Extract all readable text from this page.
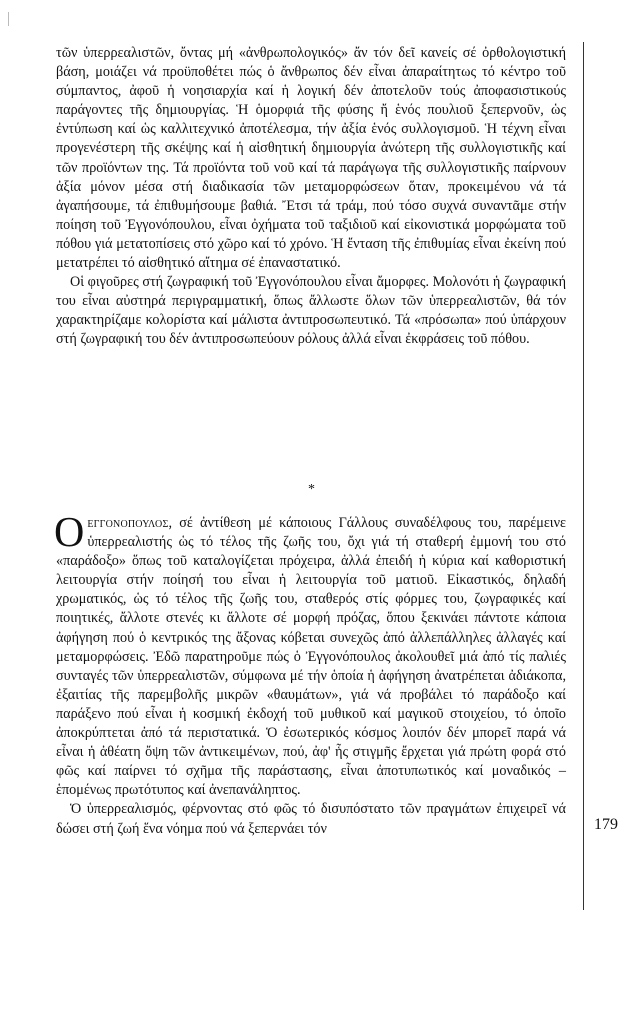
τῶν ὑπερρεαλιστῶν, ὄντας μή «ἀνθρωπολογικός» ἄν τόν δεῖ κανείς σέ ὀρθολογιστική βάση, μοιάζει νά προϋποθέτει πώς ὁ ἄνθρωπος δέν εἶναι ἀπαραίτητως τό κέντρο τοῦ σύμπαντος, ἀφοῦ ἡ νοησιαρχία καί ἡ λογική δέν ἀποτελοῦν τούς ἀποφασιστικούς παράγοντες τῆς δημιουργίας. Ἡ ὁμορφιά τῆς φύσης ἤ ἑνός πουλιοῦ ξεπερνοῦν, ὡς ἐντύπωση καί ὡς καλλιτεχνικό ἀποτέλεσμα, τήν ἀξία ἑνός συλλογισμοῦ. Ἡ τέχνη εἶναι προγενέστερη τῆς σκέψης καί ἡ αἰσθητική δημιουργία ἀνώτερη τῆς συλλογιστικῆς καί τῶν προϊόντων της. Τά προϊόντα τοῦ νοῦ καί τά παράγωγα τῆς συλλογιστικῆς παίρνουν ἀξία μόνον μέσα στή διαδικασία τῶν μεταμορφώσεων ὅταν, προκειμένου νά τά ἀγαπήσουμε, τά ἐπιθυμήσουμε βαθιά. Ἔτσι τά τράμ, πού τόσο συχνά συναντᾶμε στήν ποίηση τοῦ Ἐγγονόπουλου, εἶναι ὀχήματα τοῦ ταξιδιοῦ καί εἰκονιστικά μορφώματα τοῦ πόθου γιά μετατοπίσεις στό χῶρο καί τό χρόνο. Ἡ ἔνταση τῆς ἐπιθυμίας εἶναι ἐκείνη πού μετατρέπει τό αἰσθητικό αἴτημα σέ ἐπαναστατικό.

Οἱ φιγοῦρες στή ζωγραφική τοῦ Ἐγγονόπουλου εἶναι ἄμορφες. Μολονότι ἡ ζωγραφική του εἶναι αὐστηρά περιγραμματική, ὅπως ἄλλωστε ὅλων τῶν ὑπερρεαλιστῶν, θά τόν χαρακτηρίζαμε κολορίστα καί μάλιστα ἀντιπροσωπευτικό. Τά «πρόσωπα» πού ὑπάρχουν στή ζωγραφική του δέν ἀντιπροσωπεύουν ρόλους ἀλλά εἶναι ἐκφράσεις τοῦ πόθου.

*

Οεγγονοπουλος, σέ ἀντίθεση μέ κάποιους Γάλλους συναδέλφους του, παρέμεινε ὑπερρεαλιστής ὡς τό τέλος τῆς ζωῆς του, ὄχι γιά τή σταθερή ἐμμονή του στό «παράδοξο» ὅπως τοῦ καταλογίζεται πρόχειρα, ἀλλά ἐπειδή ἡ κύρια καί καθοριστική λειτουργία στήν ποίησή του εἶναι ἡ λειτουργία τοῦ ματιοῦ. Εἰκαστικός, δηλαδή χρωματικός, ὡς τό τέλος τῆς ζωῆς του, σταθερός στίς φόρμες του, ζωγραφικές καί ποιητικές, ἄλλοτε στενές κι ἄλλοτε σέ μορφή πρόζας, ὅπου ξεκινάει πάντοτε κάποια ἀφήγηση πού ὁ κεντρικός της ἄξονας κόβεται συνεχῶς ἀπό ἀλλεπάλληλες ἀλλαγές καί μεταμορφώσεις. Ἐδῶ παρατηροῦμε πώς ὁ Ἐγγονόπουλος ἀκολουθεῖ μιά ἀπό τίς παλιές συνταγές τῶν ὑπερρεαλιστῶν, σύμφωνα μέ τήν ὁποία ἡ ἀφήγηση ἀνατρέπεται ἀδιάκοπα, ἐξαιτίας τῆς παρεμβολῆς μικρῶν «θαυμάτων», γιά νά προβάλει τό παράδοξο καί παράξενο πού εἶναι ἡ κοσμική ἐκδοχή τοῦ μυθικοῦ καί μαγικοῦ στοιχείου, τό ὁποῖο ἀποκρύπτεται ἀπό τά περιστατικά. Ὁ ἐσωτερικός κόσμος λοιπόν δέν μπορεῖ παρά νά εἶναι ἡ ἀθέατη ὄψη τῶν ἀντικειμένων, πού, ἀφ' ἧς στιγμῆς ἔρχεται γιά πρώτη φορά στό φῶς καί παίρνει τό σχῆμα τῆς παράστασης, εἶναι ἀποτυπωτικός καί μοναδικός – ἑπομένως πρωτότυπος καί ἀνεπανάληπτος.

Ὁ ὑπερρεαλισμός, φέρνοντας στό φῶς τό δισυπόστατο τῶν πραγμάτων ἐπιχειρεῖ νά δώσει στή ζωή ἕνα νόημα πού νά ξεπερνάει τόν	179
